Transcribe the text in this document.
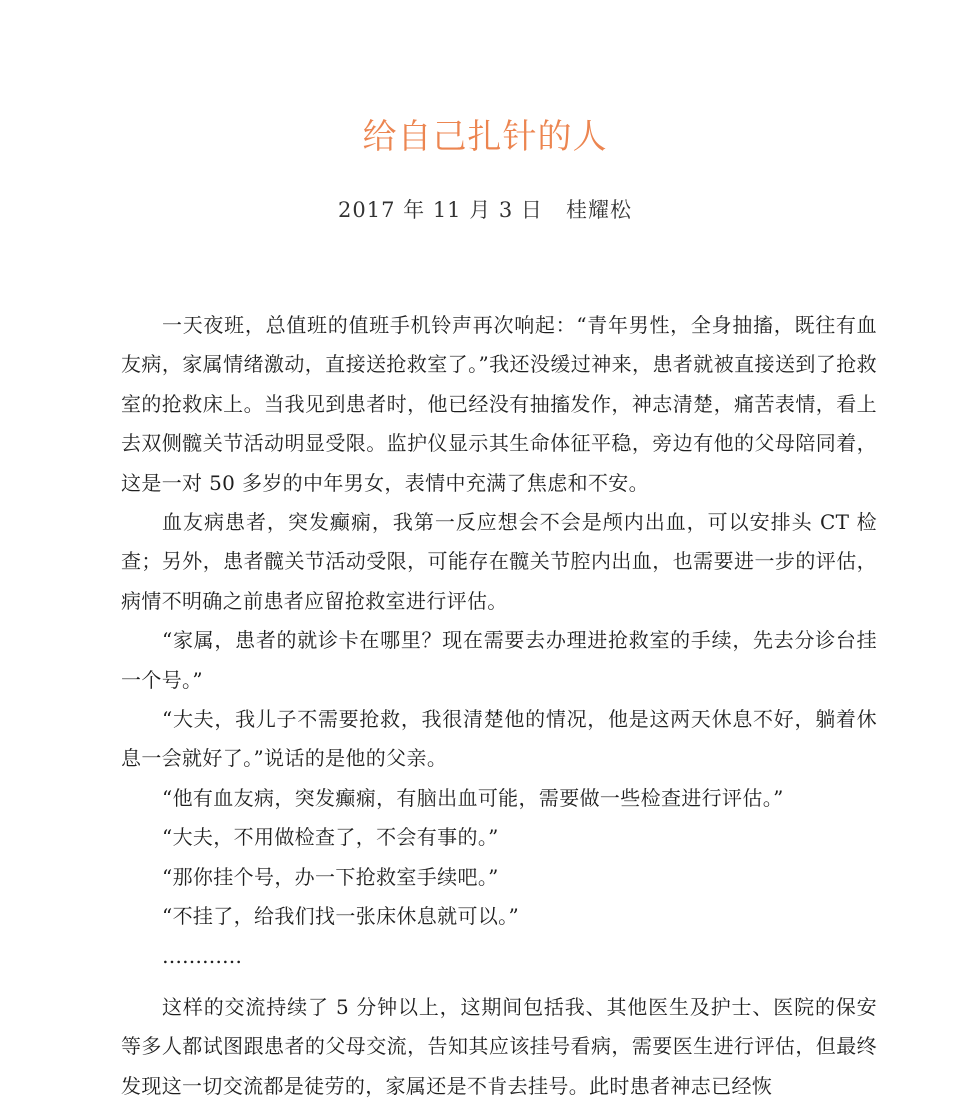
给自己扎针的人
2017 年 11 月 3 日 桂耀松

一天夜班，总值班的值班手机铃声再次响起：“青年男性，全身抽搐，既往有血友病，家属情绪激动，直接送抢救室了。”我还没缓过神来，患者就被直接送到了抢救室的抢救床上。当我见到患者时，他已经没有抽搐发作，神志清楚，痛苦表情，看上去双侧髋关节活动明显受限。监护仪显示其生命体征平稳，旁边有他的父母陪同着，这是一对 50 多岁的中年男女，表情中充满了焦虑和不安。

血友病患者，突发癫痫，我第一反应想会不会是颅内出血，可以安排头 CT 检查；另外，患者髋关节活动受限，可能存在髋关节腔内出血，也需要进一步的评估，病情不明确之前患者应留抢救室进行评估。

“家属，患者的就诊卡在哪里？现在需要去办理进抢救室的手续，先去分诊台挂一个号。”

“大夫，我儿子不需要抢救，我很清楚他的情况，他是这两天休息不好，躺着休息一会就好了。”说话的是他的父亲。

“他有血友病，突发癫痫，有脑出血可能，需要做一些检查进行评估。”

“大夫，不用做检查了，不会有事的。”

“那你挂个号，办一下抢救室手续吧。”

“不挂了，给我们找一张床休息就可以。”

…………

这样的交流持续了 5 分钟以上，这期间包括我、其他医生及护士、医院的保安等多人都试图跟患者的父母交流，告知其应该挂号看病，需要医生进行评估，但最终发现这一切交流都是徒劳的，家属还是不肯去挂号。此时患者神志已经恢
